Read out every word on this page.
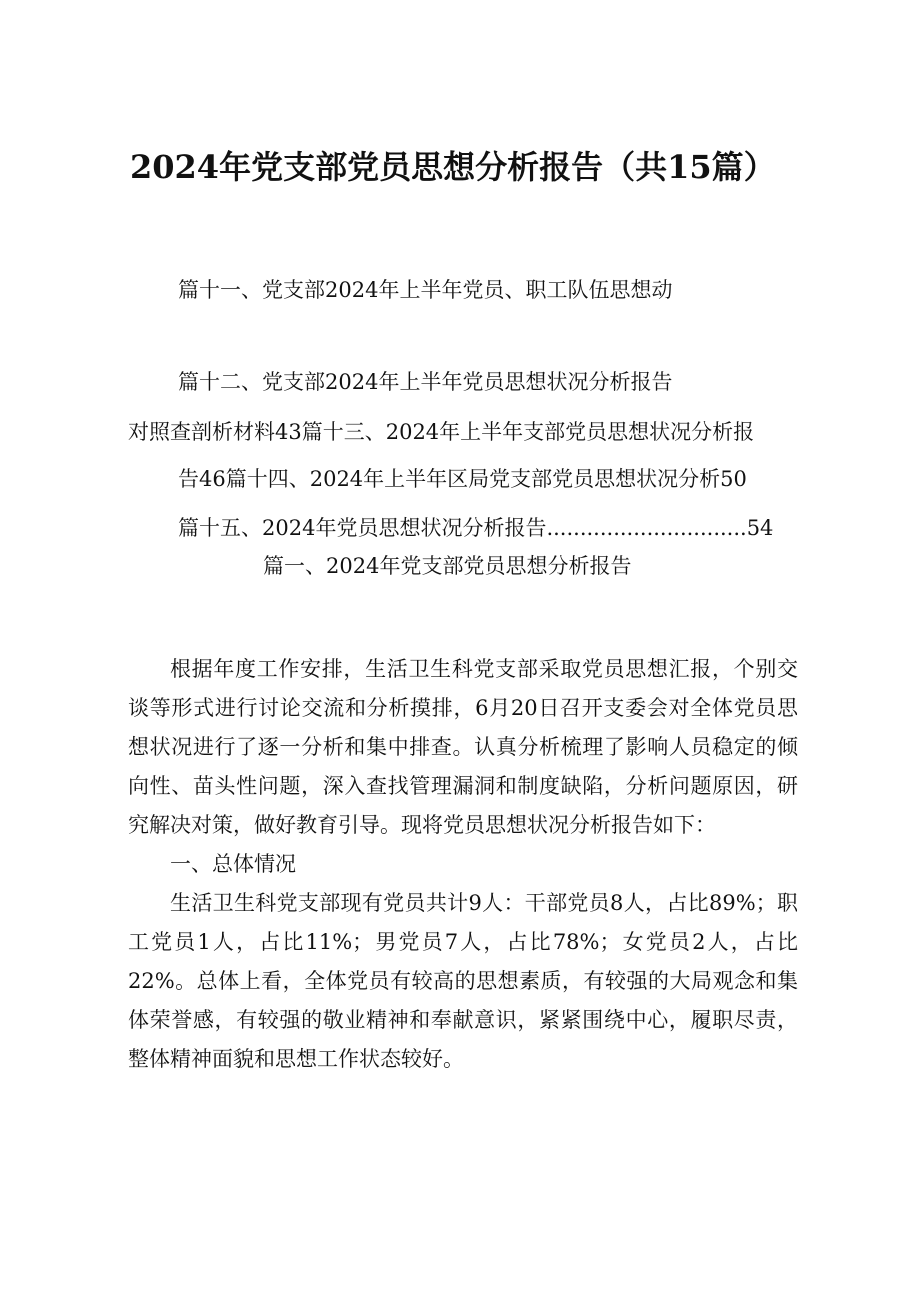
2024年党支部党员思想分析报告（共15篇）

篇十一、党支部2024年上半年党员、职工队伍思想动

篇十二、党支部2024年上半年党员思想状况分析报告

对照查剖析材料43篇十三、2024年上半年支部党员思想状况分析报

告46篇十四、2024年上半年区局党支部党员思想状况分析50

篇十五、2024年党员思想状况分析报告..............................54

篇一、2024年党支部党员思想分析报告

根据年度工作安排，生活卫生科党支部采取党员思想汇报，个别交谈等形式进行讨论交流和分析摸排，6月20日召开支委会对全体党员思想状况进行了逐一分析和集中排查。认真分析梳理了影响人员稳定的倾向性、苗头性问题，深入查找管理漏洞和制度缺陷，分析问题原因，研究解决对策，做好教育引导。现将党员思想状况分析报告如下：

一、总体情况

生活卫生科党支部现有党员共计9人：干部党员8人，占比89%；职工党员1人，占比11%；男党员7人，占比78%；女党员2人，占比22%。总体上看，全体党员有较高的思想素质，有较强的大局观念和集体荣誉感，有较强的敬业精神和奉献意识，紧紧围绕中心，履职尽责，整体精神面貌和思想工作状态较好。
